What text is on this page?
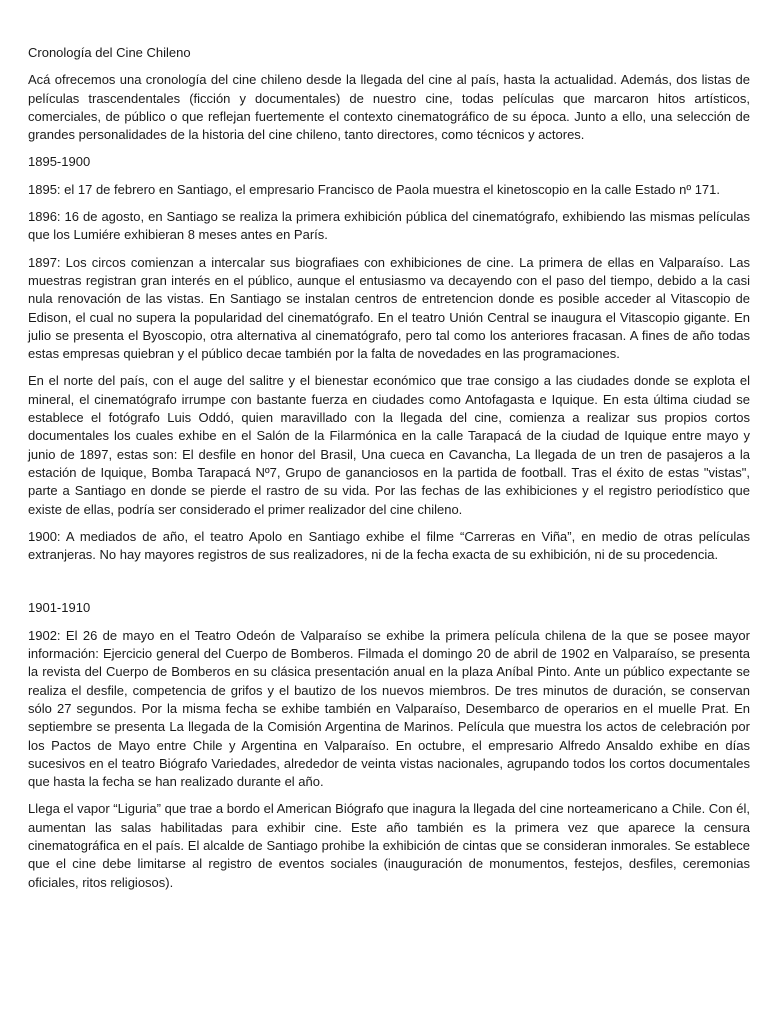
Cronología del Cine Chileno

Acá ofrecemos una cronología del cine chileno desde la llegada del cine al país, hasta la actualidad. Además, dos listas de películas trascendentales (ficción y documentales) de nuestro cine, todas películas que marcaron hitos artísticos, comerciales, de público o que reflejan fuertemente el contexto cinematográfico de su época. Junto a ello, una selección de grandes personalidades de la historia del cine chileno, tanto directores, como técnicos y actores.

1895-1900

1895: el 17 de febrero en Santiago, el empresario Francisco de Paola muestra el kinetoscopio en la calle Estado nº 171.

1896: 16 de agosto, en Santiago se realiza la primera exhibición pública del cinematógrafo, exhibiendo las mismas películas que los Lumiére exhibieran 8 meses antes en París.

1897: Los circos comienzan a intercalar sus biografiaes con exhibiciones de cine. La primera de ellas en Valparaíso. Las muestras registran gran interés en el público, aunque el entusiasmo va decayendo con el paso del tiempo, debido a la casi nula renovación de las vistas. En Santiago se instalan centros de entretencion donde es posible acceder al Vitascopio de Edison, el cual no supera la popularidad del cinematógrafo. En el teatro Unión Central se inaugura el Vitascopio gigante. En julio se presenta el Byoscopio, otra alternativa al cinematógrafo, pero tal como los anteriores fracasan. A fines de año todas estas empresas quiebran y el público decae también por la falta de novedades en las programaciones.

En el norte del país, con el auge del salitre y el bienestar económico que trae consigo a las ciudades donde se explota el mineral, el cinematógrafo irrumpe con bastante fuerza en ciudades como Antofagasta e Iquique. En esta última ciudad se establece el fotógrafo Luis Oddó, quien maravillado con la llegada del cine, comienza a realizar sus propios cortos documentales los cuales exhibe en el Salón de la Filarmónica en la calle Tarapacá de la ciudad de Iquique entre mayo y junio de 1897, estas son: El desfile en honor del Brasil, Una cueca en Cavancha, La llegada de un tren de pasajeros a la estación de Iquique, Bomba Tarapacá Nº7, Grupo de gananciosos en la partida de football. Tras el éxito de estas "vistas", parte a Santiago en donde se pierde el rastro de su vida. Por las fechas de las exhibiciones y el registro periodístico que existe de ellas, podría ser considerado el primer realizador del cine chileno.

1900: A mediados de año, el teatro Apolo en Santiago exhibe el filme “Carreras en Viña”, en medio de otras películas extranjeras. No hay mayores registros de sus realizadores, ni de la fecha exacta de su exhibición, ni de su procedencia.

1901-1910

1902: El 26 de mayo en el Teatro Odeón de Valparaíso se exhibe la primera película chilena de la que se posee mayor información: Ejercicio general del Cuerpo de Bomberos. Filmada el domingo 20 de abril de 1902 en Valparaíso, se presenta la revista del Cuerpo de Bomberos en su clásica presentación anual en la plaza Aníbal Pinto. Ante un público expectante se realiza el desfile, competencia de grifos y el bautizo de los nuevos miembros. De tres minutos de duración, se conservan sólo 27 segundos. Por la misma fecha se exhibe también en Valparaíso, Desembarco de operarios en el muelle Prat. En septiembre se presenta La llegada de la Comisión Argentina de Marinos. Película que muestra los actos de celebración por los Pactos de Mayo entre Chile y Argentina en Valparaíso. En octubre, el empresario Alfredo Ansaldo exhibe en días sucesivos en el teatro Biógrafo Variedades, alrededor de veinta vistas nacionales, agrupando todos los cortos documentales que hasta la fecha se han realizado durante el año.

Llega el vapor “Liguria” que trae a bordo el American Biógrafo que inagura la llegada del cine norteamericano a Chile. Con él, aumentan las salas habilitadas para exhibir cine. Este año también es la primera vez que aparece la censura cinematográfica en el país. El alcalde de Santiago prohibe la exhibición de cintas que se consideran inmorales. Se establece que el cine debe limitarse al registro de eventos sociales (inauguración de monumentos, festejos, desfiles, ceremonias oficiales, ritos religiosos).
